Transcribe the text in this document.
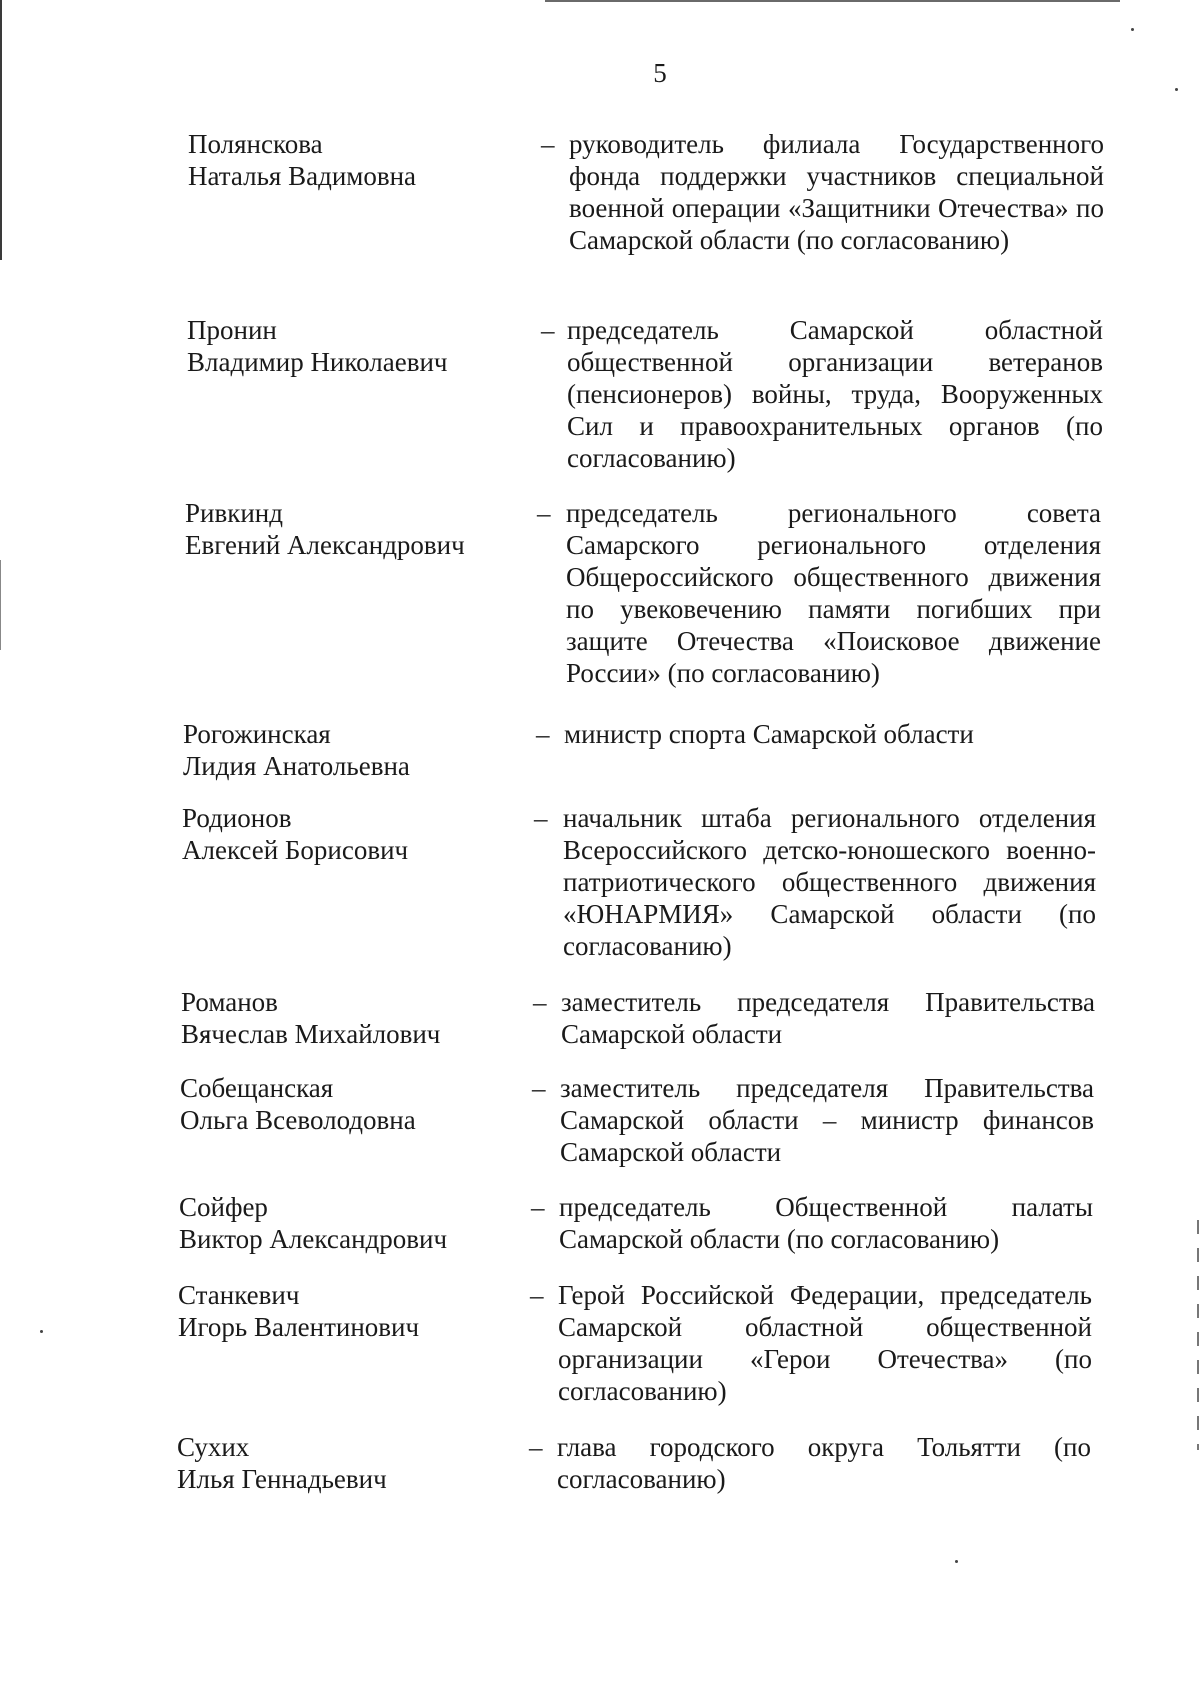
5
Полянскова
Наталья Вадимовна
– руководитель филиала Государственного фонда поддержки участников специальной военной операции «Защитники Отечества» по Самарской области (по согласованию)
Пронин
Владимир Николаевич
– председатель Самарской областной общественной организации ветеранов (пенсионеров) войны, труда, Вооруженных Сил и правоохранительных органов (по согласованию)
Ривкинд
Евгений Александрович
– председатель регионального совета Самарского регионального отделения Общероссийского общественного движения по увековечению памяти погибших при защите Отечества «Поисковое движение России» (по согласованию)
Рогожинская
Лидия Анатольевна
– министр спорта Самарской области
Родионов
Алексей Борисович
– начальник штаба регионального отделения Всероссийского детско-юношеского военно-патриотического общественного движения «ЮНАРМИЯ» Самарской области (по согласованию)
Романов
Вячеслав Михайлович
– заместитель председателя Правительства Самарской области
Собещанская
Ольга Всеволодовна
– заместитель председателя Правительства Самарской области – министр финансов Самарской области
Сойфер
Виктор Александрович
– председатель Общественной палаты Самарской области (по согласованию)
Станкевич
Игорь Валентинович
– Герой Российской Федерации, председатель Самарской областной общественной организации «Герои Отечества» (по согласованию)
Сухих
Илья Геннадьевич
– глава городского округа Тольятти (по согласованию)
